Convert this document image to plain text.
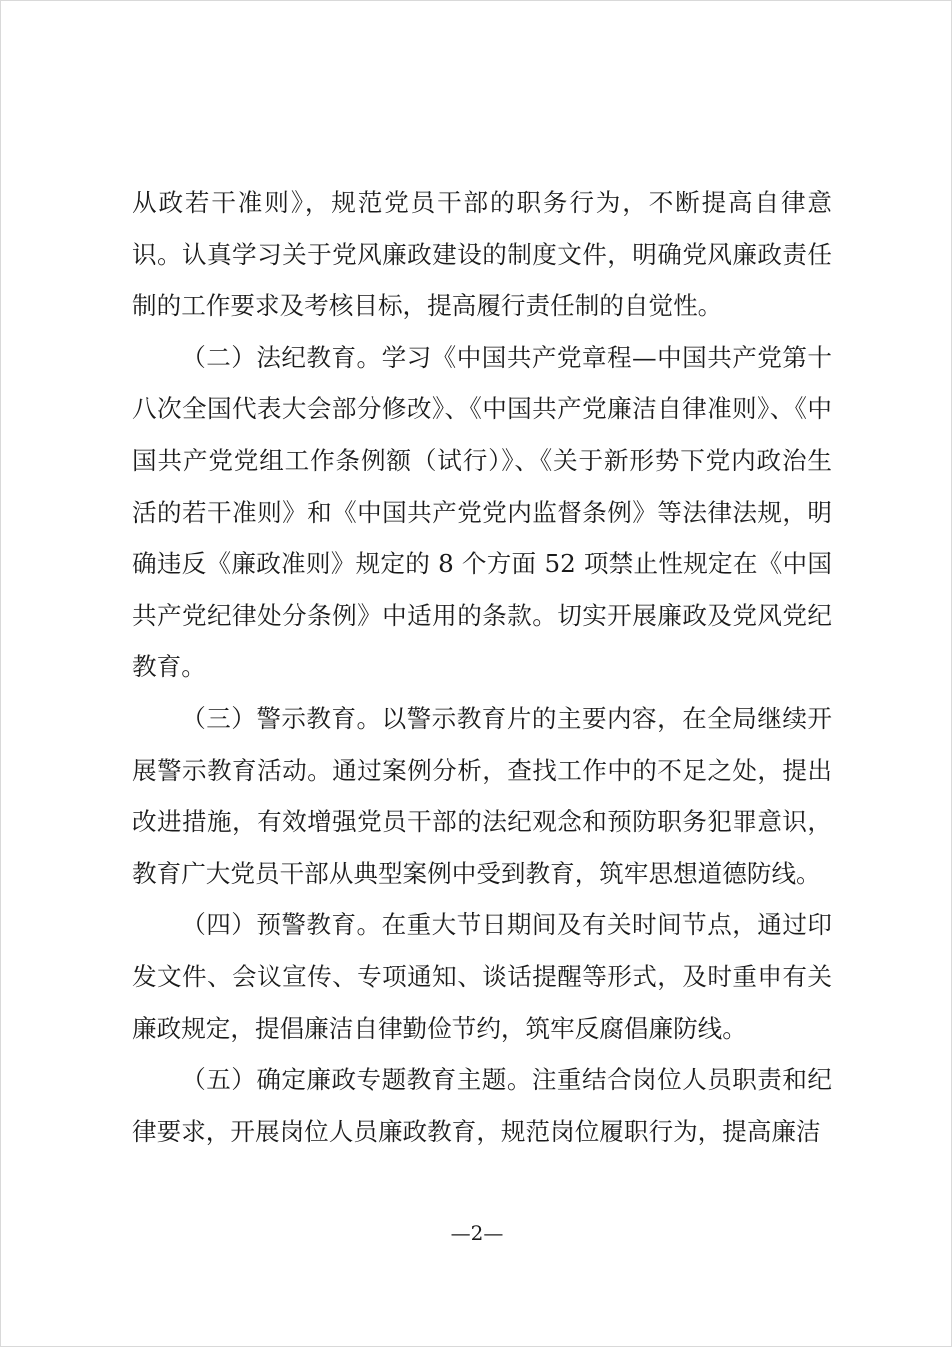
从政若干准则》，规范党员干部的职务行为，不断提高自律意识。认真学习关于党风廉政建设的制度文件，明确党风廉政责任制的工作要求及考核目标，提高履行责任制的自觉性。

（二）法纪教育。学习《中国共产党章程—中国共产党第十八次全国代表大会部分修改》、《中国共产党廉洁自律准则》、《中国共产党党组工作条例额（试行）》、《关于新形势下党内政治生活的若干准则》和《中国共产党党内监督条例》等法律法规，明确违反《廉政准则》规定的 8 个方面 52 项禁止性规定在《中国共产党纪律处分条例》中适用的条款。切实开展廉政及党风党纪教育。

（三）警示教育。以警示教育片的主要内容，在全局继续开展警示教育活动。通过案例分析，查找工作中的不足之处，提出改进措施，有效增强党员干部的法纪观念和预防职务犯罪意识，教育广大党员干部从典型案例中受到教育，筑牢思想道德防线。

（四）预警教育。在重大节日期间及有关时间节点，通过印发文件、会议宣传、专项通知、谈话提醒等形式，及时重申有关廉政规定，提倡廉洁自律勤俭节约，筑牢反腐倡廉防线。

（五）确定廉政专题教育主题。注重结合岗位人员职责和纪律要求，开展岗位人员廉政教育，规范岗位履职行为，提高廉洁

—2—
